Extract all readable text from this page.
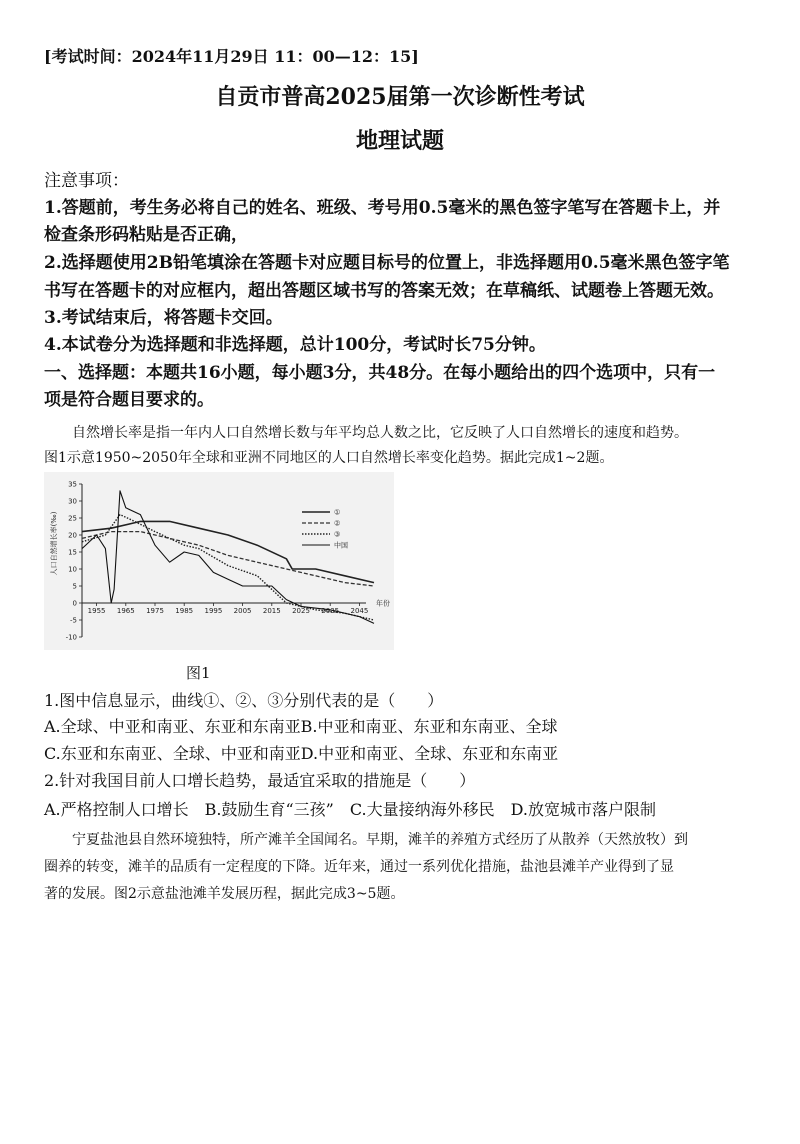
[考试时间：2024年11月29日 11：00—12：15]
自贡市普高2025届第一次诊断性考试
地理试题
注意事项：
1.答题前，考生务必将自己的姓名、班级、考号用0.5毫米的黑色签字笔写在答题卡上，并
检查条形码粘贴是否正确，
2.选择题使用2B铅笔填涂在答题卡对应题目标号的位置上，非选择题用0.5毫米黑色签字笔
书写在答题卡的对应框内，超出答题区域书写的答案无效；在草稿纸、试题卷上答题无效。
3.考试结束后，将答题卡交回。
4.本试卷分为选择题和非选择题，总计100分，考试时长75分钟。
一、选择题：本题共16小题，每小题3分，共48分。在每小题给出的四个选项中，只有一
项是符合题目要求的。
自然增长率是指一年内人口自然增长数与年平均总人数之比，它反映了人口自然增长的速度和趋势。
图1示意1950~2050年全球和亚洲不同地区的人口自然增长率变化趋势。据此完成1~2题。
35
30
25
20
15
10
5
0
-5
-10
1955 1965 1975 1985 1995 2005 2015 2025 2035 2045
年份
人口自然增长率(‰)	①
②
③
中国
图1
1.图中信息显示，曲线①、②、③分别代表的是（　　）
A.全球、中亚和南亚、东亚和东南亚B.中亚和南亚、东亚和东南亚、全球
C.东亚和东南亚、全球、中亚和南亚D.中亚和南亚、全球、东亚和东南亚
2.针对我国目前人口增长趋势，最适宜采取的措施是（　　）
A.严格控制人口增长　B.鼓励生育“三孩”　C.大量接纳海外移民　D.放宽城市落户限制
宁夏盐池县自然环境独特，所产滩羊全国闻名。早期，滩羊的养殖方式经历了从散养（天然放牧）到
圈养的转变，滩羊的品质有一定程度的下降。近年来，通过一系列优化措施，盐池县滩羊产业得到了显
著的发展。图2示意盐池滩羊发展历程，据此完成3~5题。
